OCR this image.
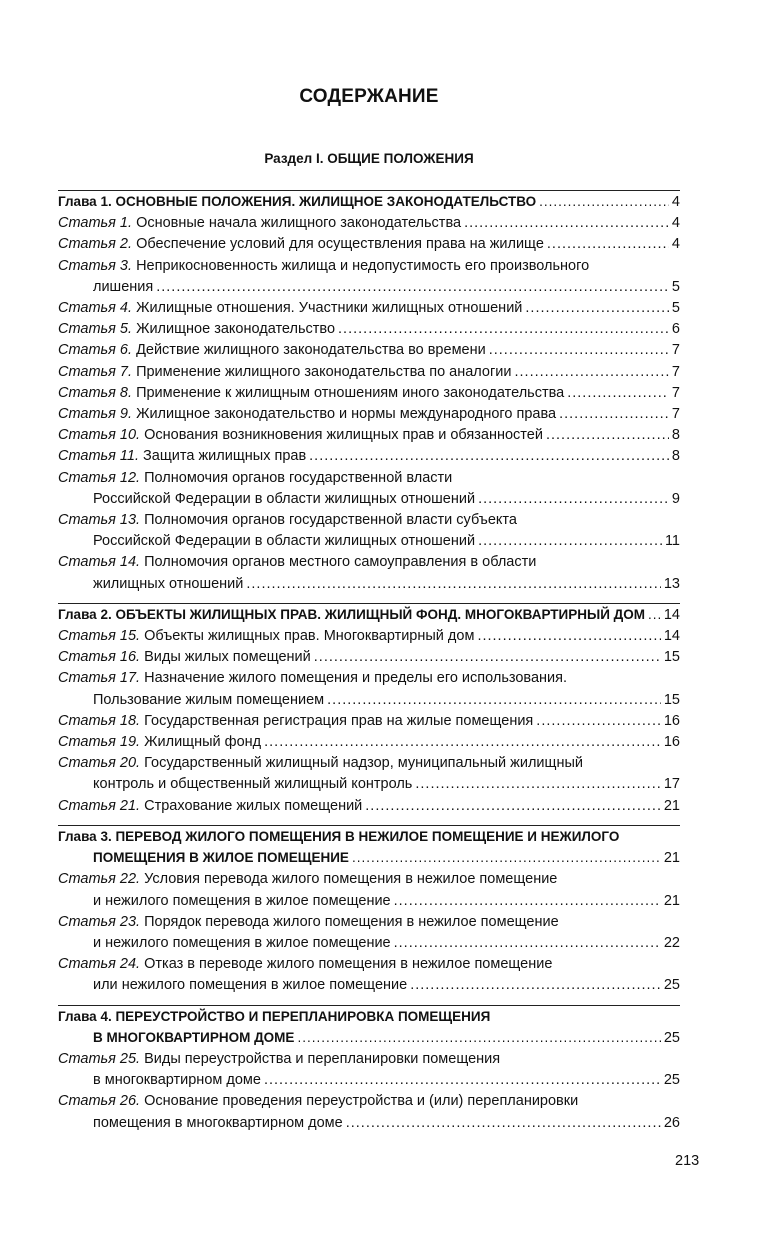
СОДЕРЖАНИЕ
Раздел I. ОБЩИЕ ПОЛОЖЕНИЯ
Глава 1. ОСНОВНЫЕ ПОЛОЖЕНИЯ. ЖИЛИЩНОЕ ЗАКОНОДАТЕЛЬСТВО .....	4
Статья 1. Основные начала жилищного законодательства .....	4
Статья 2. Обеспечение условий для осуществления права на жилище .....	4
Статья 3. Неприкосновенность жилища и недопустимость его произвольного
лишения .....	5
Статья 4. Жилищные отношения. Участники жилищных отношений .....	5
Статья 5. Жилищное законодательство .....	6
Статья 6. Действие жилищного законодательства во времени .....	7
Статья 7. Применение жилищного законодательства по аналогии .....	7
Статья 8. Применение к жилищным отношениям иного законодательства .....	7
Статья 9. Жилищное законодательство и нормы международного права .....	7
Статья 10. Основания возникновения жилищных прав и обязанностей .....	8
Статья 11. Защита жилищных прав .....	8
Статья 12. Полномочия органов государственной власти
Российской Федерации в области жилищных отношений .....	9
Статья 13. Полномочия органов государственной власти субъекта
Российской Федерации в области жилищных отношений .....	11
Статья 14. Полномочия органов местного самоуправления в области
жилищных отношений .....	13
Глава 2. ОБЪЕКТЫ ЖИЛИЩНЫХ ПРАВ. ЖИЛИЩНЫЙ ФОНД. МНОГОКВАРТИРНЫЙ ДОМ ..... 14
Статья 15. Объекты жилищных прав. Многоквартирный дом .....	14
Статья 16. Виды жилых помещений .....	15
Статья 17. Назначение жилого помещения и пределы его использования.
Пользование жилым помещением .....	15
Статья 18. Государственная регистрация прав на жилые помещения .....	16
Статья 19. Жилищный фонд .....	16
Статья 20. Государственный жилищный надзор, муниципальный жилищный
контроль и общественный жилищный контроль .....	17
Статья 21. Страхование жилых помещений .....	21
Глава 3. ПЕРЕВОД ЖИЛОГО ПОМЕЩЕНИЯ В НЕЖИЛОЕ ПОМЕЩЕНИЕ И НЕЖИЛОГО
ПОМЕЩЕНИЯ В ЖИЛОЕ ПОМЕЩЕНИЕ .....	21
Статья 22. Условия перевода жилого помещения в нежилое помещение
и нежилого помещения в жилое помещение .....	21
Статья 23. Порядок перевода жилого помещения в нежилое помещение
и нежилого помещения в жилое помещение .....	22
Статья 24. Отказ в переводе жилого помещения в нежилое помещение
или нежилого помещения в жилое помещение .....	25
Глава 4. ПЕРЕУСТРОЙСТВО И ПЕРЕПЛАНИРОВКА ПОМЕЩЕНИЯ
В МНОГОКВАРТИРНОМ ДОМЕ .....	25
Статья 25. Виды переустройства и перепланировки помещения
в многоквартирном доме .....	25
Статья 26. Основание проведения переустройства и (или) перепланировки
помещения в многоквартирном доме .....	26
213
